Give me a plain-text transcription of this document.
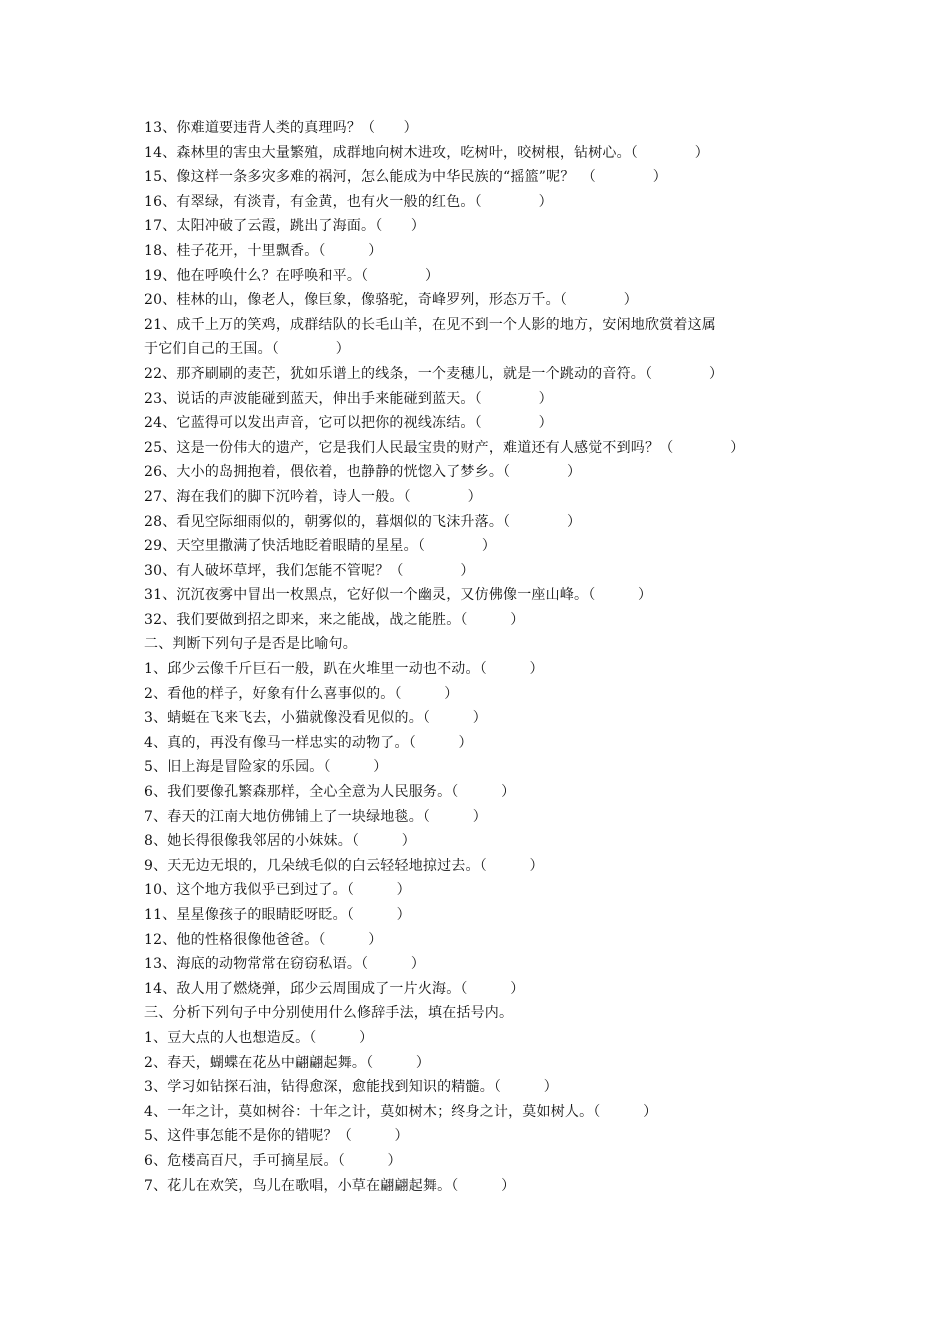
13、你难道要违背人类的真理吗？（　　）
14、森林里的害虫大量繁殖，成群地向树木进攻，吃树叶，咬树根，钻树心。（　　　　）
15、像这样一条多灾多难的祸河，怎么能成为中华民族的“摇篮”呢？　（　　　　）
16、有翠绿，有淡青，有金黄，也有火一般的红色。（　　　　）
17、太阳冲破了云霞，跳出了海面。（　　）
18、桂子花开，十里飘香。（　　　）
19、他在呼唤什么？在呼唤和平。（　　　　）
20、桂林的山，像老人，像巨象，像骆驼，奇峰罗列，形态万千。（　　　　）
21、成千上万的笑鸡，成群结队的长毛山羊，在见不到一个人影的地方，安闲地欣赏着这属
于它们自己的王国。（　　　　）
22、那齐刷刷的麦芒，犹如乐谱上的线条，一个麦穗儿，就是一个跳动的音符。（　　　　）
23、说话的声波能碰到蓝天，伸出手来能碰到蓝天。（　　　　）
24、它蓝得可以发出声音，它可以把你的视线冻结。（　　　　）
25、这是一份伟大的遗产，它是我们人民最宝贵的财产，难道还有人感觉不到吗？（　　　　）
26、大小的岛拥抱着，偎依着，也静静的恍惚入了梦乡。（　　　　）
27、海在我们的脚下沉吟着，诗人一般。（　　　　）
28、看见空际细雨似的，朝雾似的，暮烟似的飞沫升落。（　　　　）
29、天空里撒满了快活地眨着眼睛的星星。（　　　　）
30、有人破坏草坪，我们怎能不管呢？（　　　　）
31、沉沉夜雾中冒出一枚黑点，它好似一个幽灵，又仿佛像一座山峰。（　　　）
32、我们要做到招之即来，来之能战，战之能胜。（　　　）
二、判断下列句子是否是比喻句。
1、邱少云像千斤巨石一般，趴在火堆里一动也不动。（　　　）
2、看他的样子，好象有什么喜事似的。（　　　）
3、蜻蜓在飞来飞去，小猫就像没看见似的。（　　　）
4、真的，再没有像马一样忠实的动物了。（　　　）
5、旧上海是冒险家的乐园。（　　　）
6、我们要像孔繁森那样，全心全意为人民服务。（　　　）
7、春天的江南大地仿佛铺上了一块绿地毯。（　　　）
8、她长得很像我邻居的小妹妹。（　　　）
9、天无边无垠的，几朵绒毛似的白云轻轻地掠过去。（　　　）
10、这个地方我似乎已到过了。（　　　）
11、星星像孩子的眼睛眨呀眨。（　　　）
12、他的性格很像他爸爸。（　　　）
13、海底的动物常常在窃窃私语。（　　　）
14、敌人用了燃烧弹，邱少云周围成了一片火海。（　　　）
三、分析下列句子中分别使用什么修辞手法，填在括号内。
1、豆大点的人也想造反。（　　　）
2、春天，蝴蝶在花丛中翩翩起舞。（　　　）
3、学习如钻探石油，钻得愈深，愈能找到知识的精髓。（　　　）
4、一年之计，莫如树谷：十年之计，莫如树木；终身之计，莫如树人。（　　　）
5、这件事怎能不是你的错呢？（　　　）
6、危楼高百尺，手可摘星辰。（　　　）
7、花儿在欢笑，鸟儿在歌唱，小草在翩翩起舞。（　　　）
